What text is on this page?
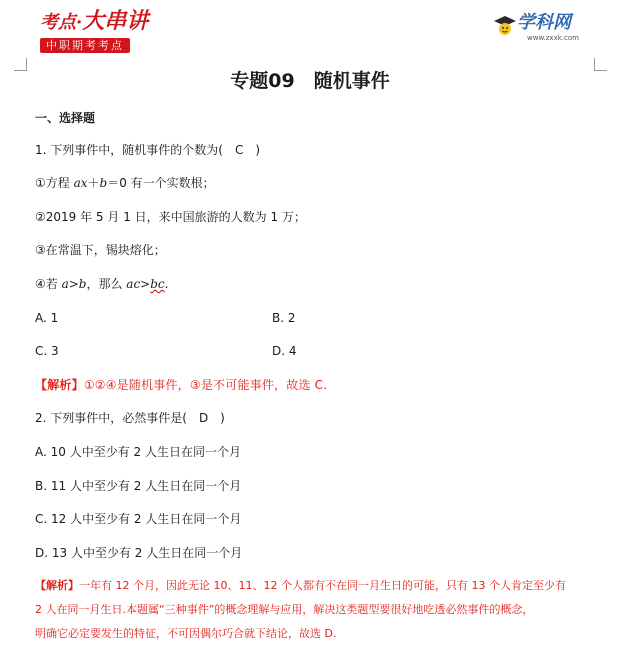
考点·大串讲
中职期考考点
学科网
www.zxxk.com
专题09　随机事件
一、选择题
1. 下列事件中，随机事件的个数为(　C　)
①方程 ax＋b＝0 有一个实数根；
②2019 年 5 月 1 日，来中国旅游的人数为 1 万；
③在常温下，锡块熔化；
④若 a>b，那么 ac>bc.
A. 1	B. 2
C. 3	D. 4
【解析】①②④是随机事件，③是不可能事件，故选 C.
2. 下列事件中，必然事件是(　D　)
A. 10 人中至少有 2 人生日在同一个月
B. 11 人中至少有 2 人生日在同一个月
C. 12 人中至少有 2 人生日在同一个月
D. 13 人中至少有 2 人生日在同一个月
【解析】一年有 12 个月，因此无论 10、11、12 个人都有不在同一月生日的可能，只有 13 个人肯定至少有
2 人在同一月生日.本题属“三种事件”的概念理解与应用，解决这类题型要很好地吃透必然事件的概念，
明确它必定要发生的特征，不可因偶尔巧合就下结论，故选 D.
